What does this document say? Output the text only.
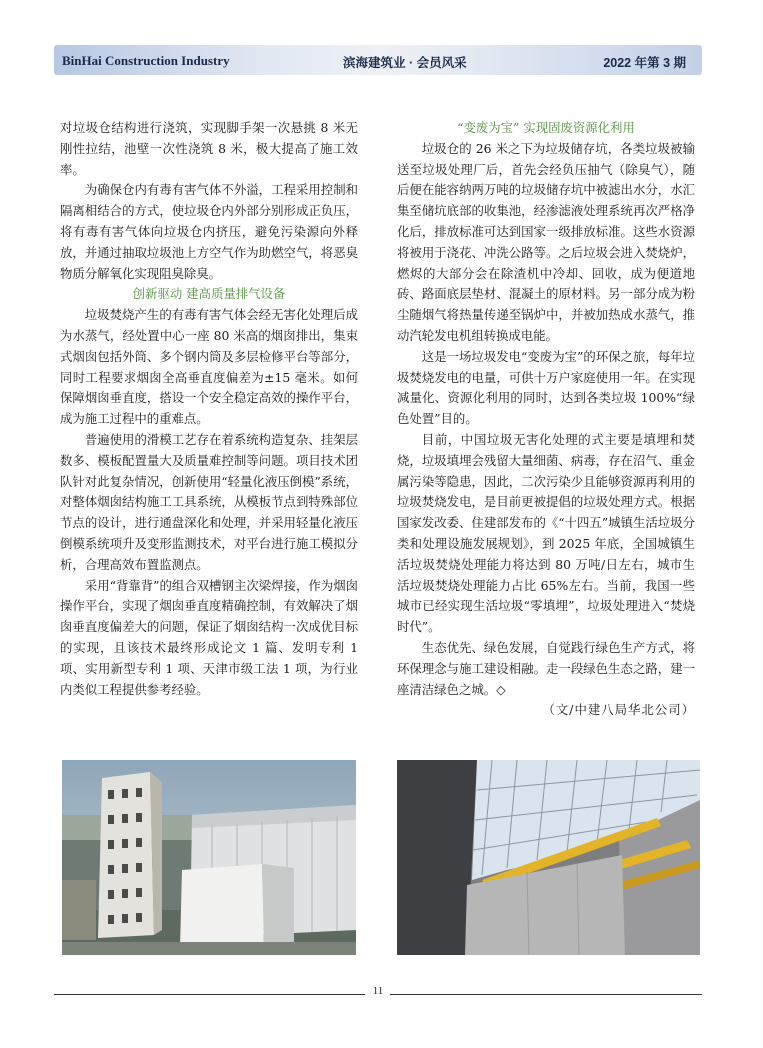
BinHai Construction Industry	滨海建筑业 · 会员风采	2022 年第 3 期

对垃圾仓结构进行浇筑，实现脚手架一次悬挑 8 米无刚性拉结，池壁一次性浇筑 8 米，极大提高了施工效率。

为确保仓内有毒有害气体不外溢，工程采用控制和隔离相结合的方式，使垃圾仓内外部分别形成正负压，将有毒有害气体向垃圾仓内挤压，避免污染源向外释放，并通过抽取垃圾池上方空气作为助燃空气，将恶臭物质分解氧化实现阻臭除臭。

创新驱动 建高质量排气设备

垃圾焚烧产生的有毒有害气体会经无害化处理后成为水蒸气，经处置中心一座 80 米高的烟囱排出，集束式烟囱包括外筒、多个钢内筒及多层检修平台等部分，同时工程要求烟囱全高垂直度偏差为±15 毫米。如何保障烟囱垂直度，搭设一个安全稳定高效的操作平台，成为施工过程中的重难点。

普遍使用的滑模工艺存在着系统构造复杂、挂架层数多、模板配置量大及质量难控制等问题。项目技术团队针对此复杂情况，创新使用“轻量化液压倒模”系统，对整体烟囱结构施工工具系统，从模板节点到特殊部位节点的设计，进行通盘深化和处理，并采用轻量化液压倒模系统项升及变形监测技术，对平台进行施工模拟分析，合理高效布置监测点。

采用“背靠背”的组合双槽钢主次梁焊接，作为烟囱操作平台，实现了烟囱垂直度精确控制，有效解决了烟囱垂直度偏差大的问题，保证了烟囱结构一次成优目标的实现，且该技术最终形成论文 1 篇、发明专利 1 项、实用新型专利 1 项、天津市级工法 1 项，为行业内类似工程提供参考经验。

“变废为宝” 实现固废资源化利用

垃圾仓的 26 米之下为垃圾储存坑，各类垃圾被输送至垃圾处理厂后，首先会经负压抽气（除臭气），随后便在能容纳两万吨的垃圾储存坑中被滤出水分，水汇集至储坑底部的收集池，经渗滤液处理系统再次严格净化后，排放标准可达到国家一级排放标准。这些水资源将被用于浇花、冲洗公路等。之后垃圾会进入焚烧炉，燃烬的大部分会在除渣机中冷却、回收，成为便道地砖、路面底层垫材、混凝土的原材料。另一部分成为粉尘随烟气将热量传递至锅炉中，并被加热成水蒸气，推动汽轮发电机组转换成电能。

这是一场垃圾发电“变废为宝”的环保之旅，每年垃圾焚烧发电的电量，可供十万户家庭使用一年。在实现减量化、资源化利用的同时，达到各类垃圾 100%“绿色处置”目的。

目前，中国垃圾无害化处理的式主要是填埋和焚烧，垃圾填埋会残留大量细菌、病毒，存在沼气、重金属污染等隐患，因此，二次污染少且能够资源再利用的垃圾焚烧发电，是目前更被提倡的垃圾处理方式。根据国家发改委、住建部发布的《“十四五”城镇生活垃圾分类和处理设施发展规划》，到 2025 年底，全国城镇生活垃圾焚烧处理能力将达到 80 万吨/日左右，城市生活垃圾焚烧处理能力占比 65%左右。当前，我国一些城市已经实现生活垃圾“零填埋”，垃圾处理进入“焚烧时代”。

生态优先、绿色发展，自觉践行绿色生产方式，将环保理念与施工建设相融。走一段绿色生态之路，建一座清洁绿色之城。◇

（文/中建八局华北公司）

11
